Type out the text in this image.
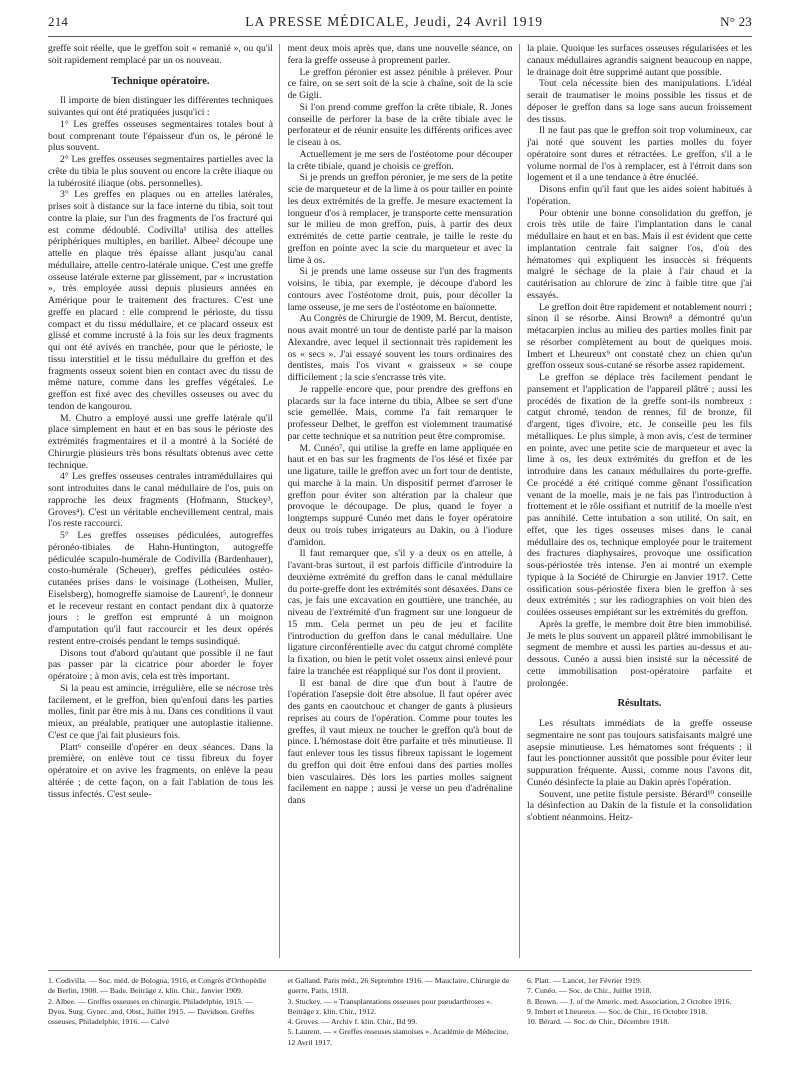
214	LA PRESSE MÉDICALE, Jeudi, 24 Avril 1919	N° 23

greffe soit réelle, que le greffon soit « remanié », ou qu'il soit rapidement remplacé par un os nouveau.

Technique opératoire.

Il importe de bien distinguer les différentes techniques suivantes qui ont été pratiquées jusqu'ici :

1° Les greffes osseuses segmentaires totales bout à bout comprenant toute l'épaisseur d'un os, le péroné le plus souvent.

2° Les greffes osseuses segmentaires partielles avec la crête du tibia le plus souvent ou encore la crête iliaque ou la tubérosité iliaque (obs. personnelles).

3° Les greffes en plaques ou en attelles latérales, prises soit à distance sur la face interne du tibia, soit tout contre la plaie, sur l'un des fragments de l'os fracturé qui est comme dédoublé. Codivilla¹ utilisa des attelles périphériques multiples, en barillet. Albee² découpe une attelle en plaque très épaisse allant jusqu'au canal médullaire, attelle centro-latérale unique. C'est une greffe osseuse latérale externe par glissement, par « incrustation », très employée aussi depuis plusieurs années en Amérique pour le traitement des fractures. C'est une greffe en placard : elle comprend le périoste, du tissu compact et du tissu médullaire, et ce placard osseux est glissé et comme incrusté à la fois sur les deux fragments qui ont été avivés en tranchée, pour que le périoste, le tissu interstitiel et le tissu médullaire du greffon et des fragments osseux soient bien en contact avec du tissu de même nature, comme dans les greffes végétales. Le greffon est fixé avec des chevilles osseuses ou avec du tendon de kangourou.

M. Chutro a employé aussi une greffe latérale qu'il place simplement en haut et en bas sous le périoste des extrémités fragmentaires et il a montré à la Société de Chirurgie plusieurs très bons résultats obtenus avec cette technique.

4° Les greffes osseuses centrales intramédullaires qui sont introduites dans le canal médullaire de l'os, puis on rapproche les deux fragments (Hofmann, Stuckey³, Groves⁴). C'est un véritable enchevillement central, mais l'os reste raccourci.

5° Les greffes osseuses pédiculées, autogreffes péronéo-tibiales de Hahn-Huntington, autogreffe pédiculée scapulo-humérale de Codivilla (Bardenhauer), costo-humérale (Scheuer), greffes pédiculées ostéo-cutanées prises dans le voisinage (Lotheisen, Muller, Eiselsberg), homogreffe siamoise de Laurent⁵, le donneur et le receveur restant en contact pendant dix à quatorze jours : le greffon est emprunté à un moignon d'amputation qu'il faut raccourcir et les deux opérés restent entre-croisés pendant le temps susindiqué.

Disons tout d'abord qu'autant que possible il ne faut pas passer par la cicatrice pour aborder le foyer opératoire ; à mon avis, cela est très important.

Si la peau est amincie, irrégulière, elle se nécrose très facilement, et le greffon, bien qu'enfoui dans les parties molles, finit par être mis à nu. Dans ces conditions il vaut mieux, au préalable, pratiquer une autoplastie italienne. C'est ce que j'ai fait plusieurs fois.

Platt⁶ conseille d'opérer en deux séances. Dans la première, on enlève tout ce tissu fibreux du foyer opératoire et on avive les fragments, on enlève la peau altérée ; de cette façon, on a fait l'ablation de tous les tissus infectés. C'est seule-

ment deux mois après que, dans une nouvelle séance, on fera la greffe osseuse à proprement parler.

Le greffon péronier est assez pénible à prélever. Pour ce faire, on se sert soit de la scie à chaîne, soit de la scie de Gigli.

Si l'on prend comme greffon la crête tibiale, R. Jones conseille de perforer la base de la crête tibiale avec le perforateur et de réunir ensuite les différents orifices avec le ciseau à os.

Actuellement je me sers de l'ostéotome pour découper la crête tibiale, quand je choisis ce greffon.

Si je prends un greffon péronier, je me sers de la petite scie de marqueteur et de la lime à os pour tailler en pointe les deux extrémités de la greffe. Je mesure exactement la longueur d'os à remplacer, je transporte cette mensuration sur le milieu de mon greffon, puis, à partir des deux extrémités de cette partie centrale, je taille le reste du greffon en pointe avec la scie du marqueteur et avec la lime à os.

Si je prends une lame osseuse sur l'un des fragments voisins, le tibia, par exemple, je découpe d'abord les contours avec l'ostéotome droit, puis, pour décoller la lame osseuse, je me sers de l'ostéotome en baïonnette.

Au Congrès de Chirurgie de 1909, M. Bercut, dentiste, nous avait montré un tour de dentiste parlé par la maison Alexandre, avec lequel il sectionnait très rapidement les os « secs ». J'ai essayé souvent les tours ordinaires des dentistes, mais l'os vivant « graisseux » se coupe difficilement ; la scie s'encrasse très vite.

Je rappelle encore que, pour prendre des greffons en placards sur la face interne du tibia, Albee se sert d'une scie gemellée. Mais, comme l'a fait remarquer le professeur Delbet, le greffon est violemment traumatisé par cette technique et sa nutrition peut être compromise.

M. Cunéo⁷, qui utilise la greffe en lame appliquée en haut et en bas sur les fragments de l'os lésé et fixée par une ligature, taille le greffon avec un fort tour de dentiste, qui marche à la main. Un dispositif permet d'arroser le greffon pour éviter son altération par la chaleur que provoque le découpage. De plus, quand le foyer a longtemps suppuré Cunéo met dans le foyer opératoire deux ou trois tubes irrigateurs au Dakin, ou à l'iodure d'amidon.

Il faut remarquer que, s'il y a deux os en attelle, à l'avant-bras surtout, il est parfois difficile d'introduire la deuxième extrémité du greffon dans le canal médullaire du porte-greffe dont les extrémités sont désaxées. Dans ce cas, je fais une excavation en gouttière, une tranchée, au niveau de l'extrémité d'un fragment sur une longueur de 15 mm. Cela permet un peu de jeu et facilite l'introduction du greffon dans le canal médullaire. Une ligature circonférentielle avec du catgut chromé complète la fixation, ou bien le petit volet osseux ainsi enlevé pour faire la tranchée est réappliqué sur l'os dont il provient.

Il est banal de dire que d'un bout à l'autre de l'opération l'asepsie doit être absolue. Il faut opérer avec des gants en caoutchouc et changer de gants à plusieurs reprises au cours de l'opération. Comme pour toutes les greffes, il vaut mieux ne toucher le greffon qu'à bout de pince. L'hémostase doit être parfaite et très minutieuse. Il faut enlever tous les tissus fibreux tapissant le logement du greffon qui doit être enfoui dans des parties molles bien vasculaires. Dès lors les parties molles saignent facilement en nappe ; aussi je verse un peu d'adrénaline dans

la plaie. Quoique les surfaces osseuses régularisées et les canaux médullaires agrandis saignent beaucoup en nappe, le drainage doit être supprimé autant que possible.

Tout cela nécessite bien des manipulations. L'idéal serait de traumatiser le moins possible les tissus et de déposer le greffon dans sa loge sans aucun froissement des tissus.

Il ne faut pas que le greffon soit trop volumineux, car j'ai noté que souvent les parties molles du foyer opératoire sont dures et rétractées. Le greffon, s'il a le volume normal de l'os à remplacer, est à l'étroit dans son logement et il a une tendance à être énucléé.

Disons enfin qu'il faut que les aides soient habitués à l'opération.

Pour obtenir une bonne consolidation du greffon, je crois très utile de faire l'implantation dans le canal médullaire en haut et en bas. Mais il est évident que cette implantation centrale fait saigner l'os, d'où des hématomes qui expliquent les insuccès si fréquents malgré le séchage de la plaie à l'air chaud et la cautérisation au chlorure de zinc à faible titre que j'ai essayés.

Le greffon doit être rapidement et notablement nourri ; sinon il se résorbe. Ainsi Brown⁸ a démontré qu'un métacarpien inclus au milieu des parties molles finit par se résorber complètement au bout de quelques mois. Imbert et Lheureux⁹ ont constaté chez un chien qu'un greffon osseux sous-cutané se résorbe assez rapidement.

Le greffon se déplace très facilement pendant le pansement et l'application de l'appareil plâtré ; aussi les procédés de fixation de la greffe sont-ils nombreux : catgut chromé, tendon de rennes, fil de bronze, fil d'argent, tiges d'ivoire, etc. Je conseille peu les fils métalliques. Le plus simple, à mon avis, c'est de terminer en pointe, avec une petite scie de marqueteur et avec la lime à os, les deux extrémités du greffon et de les introduire dans les canaux médullaires du porte-greffe. Ce procédé a été critiqué comme gênant l'ossification venant de la moelle, mais je ne fais pas l'introduction à frottement et le rôle ossifiant et nutritif de la moelle n'est pas annihilé. Cette intubation a son utilité. On sait, en effet, que les tiges osseuses mises dans le canal médullaire des os, technique employée pour le traitement des fractures diaphysaires, provoque une ossification sous-périostée très intense. J'en ai montré un exemple typique à la Société de Chirurgie en Janvier 1917. Cette ossification sous-périostée fixera bien le greffon à ses deux extrémités ; sur les radiographies on voit bien des coulées osseuses empiétant sur les extrémités du greffon.

Après la greffe, le membre doit être bien immobilisé. Je mets le plus souvent un appareil plâtré immobilisant le segment de membre et aussi les parties au-dessus et au-dessous. Cunéo a aussi bien insisté sur la nécessité de cette immobilisation post-opératoire parfaite et prolongée.

Résultats.

Les résultats immédiats de la greffe osseuse segmentaire ne sont pas toujours satisfaisants malgré une asepsie minutieuse. Les hématomes sont fréquents : il faut les ponctionner aussitôt que possible pour éviter leur suppuration fréquente. Aussi, comme nous l'avons dit, Cunéo désinfecte la plaie au Dakin après l'opération.

Souvent, une petite fistule persiste. Bérard¹⁰ conseille la désinfection au Dakin de la fistule et la consolidation s'obtient néanmoins. Heitz-

1. Codivilla. — Soc. méd. de Bologna, 1916, et Congrès d'Orthopédie de Berlin, 1908. — Bade. Beiträge z. klin. Chir., Janvier 1909.
2. Albee. — Greffes osseuses en chirurgie, Philadelphie, 1915. — Dyos. Surg. Gynec. and. Obst., Juillet 1915. — Davidson. Greffes osseuses, Philadelphie, 1916. — Calvé
et Galland. Paris méd., 26 Septembre 1916. — Mauclaire. Chirurgie de guerre, Paris, 1918.
3. Stuckey. — « Transplantations osseuses pour pseudarthroses ». Beiträge z. klin. Chir., 1912.
4. Groves. — Archiv f. klin. Chir., Bd 99.
5. Laurent. — « Greffes osseuses siamoises ». Académie de Médecine, 12 Avril 1917.
6. Platt. — Lancet, 1er Février 1919.
7. Cunéo. — Soc. de Chir., Juillet 1918.
8. Brown. — J. of the Americ. med. Association, 2 Octobre 1916.
9. Imbert et Lheureux. — Soc. de Chir., 16 Octobre 1918.
10. Bérard. — Soc. de Chir., Décembre 1918.
